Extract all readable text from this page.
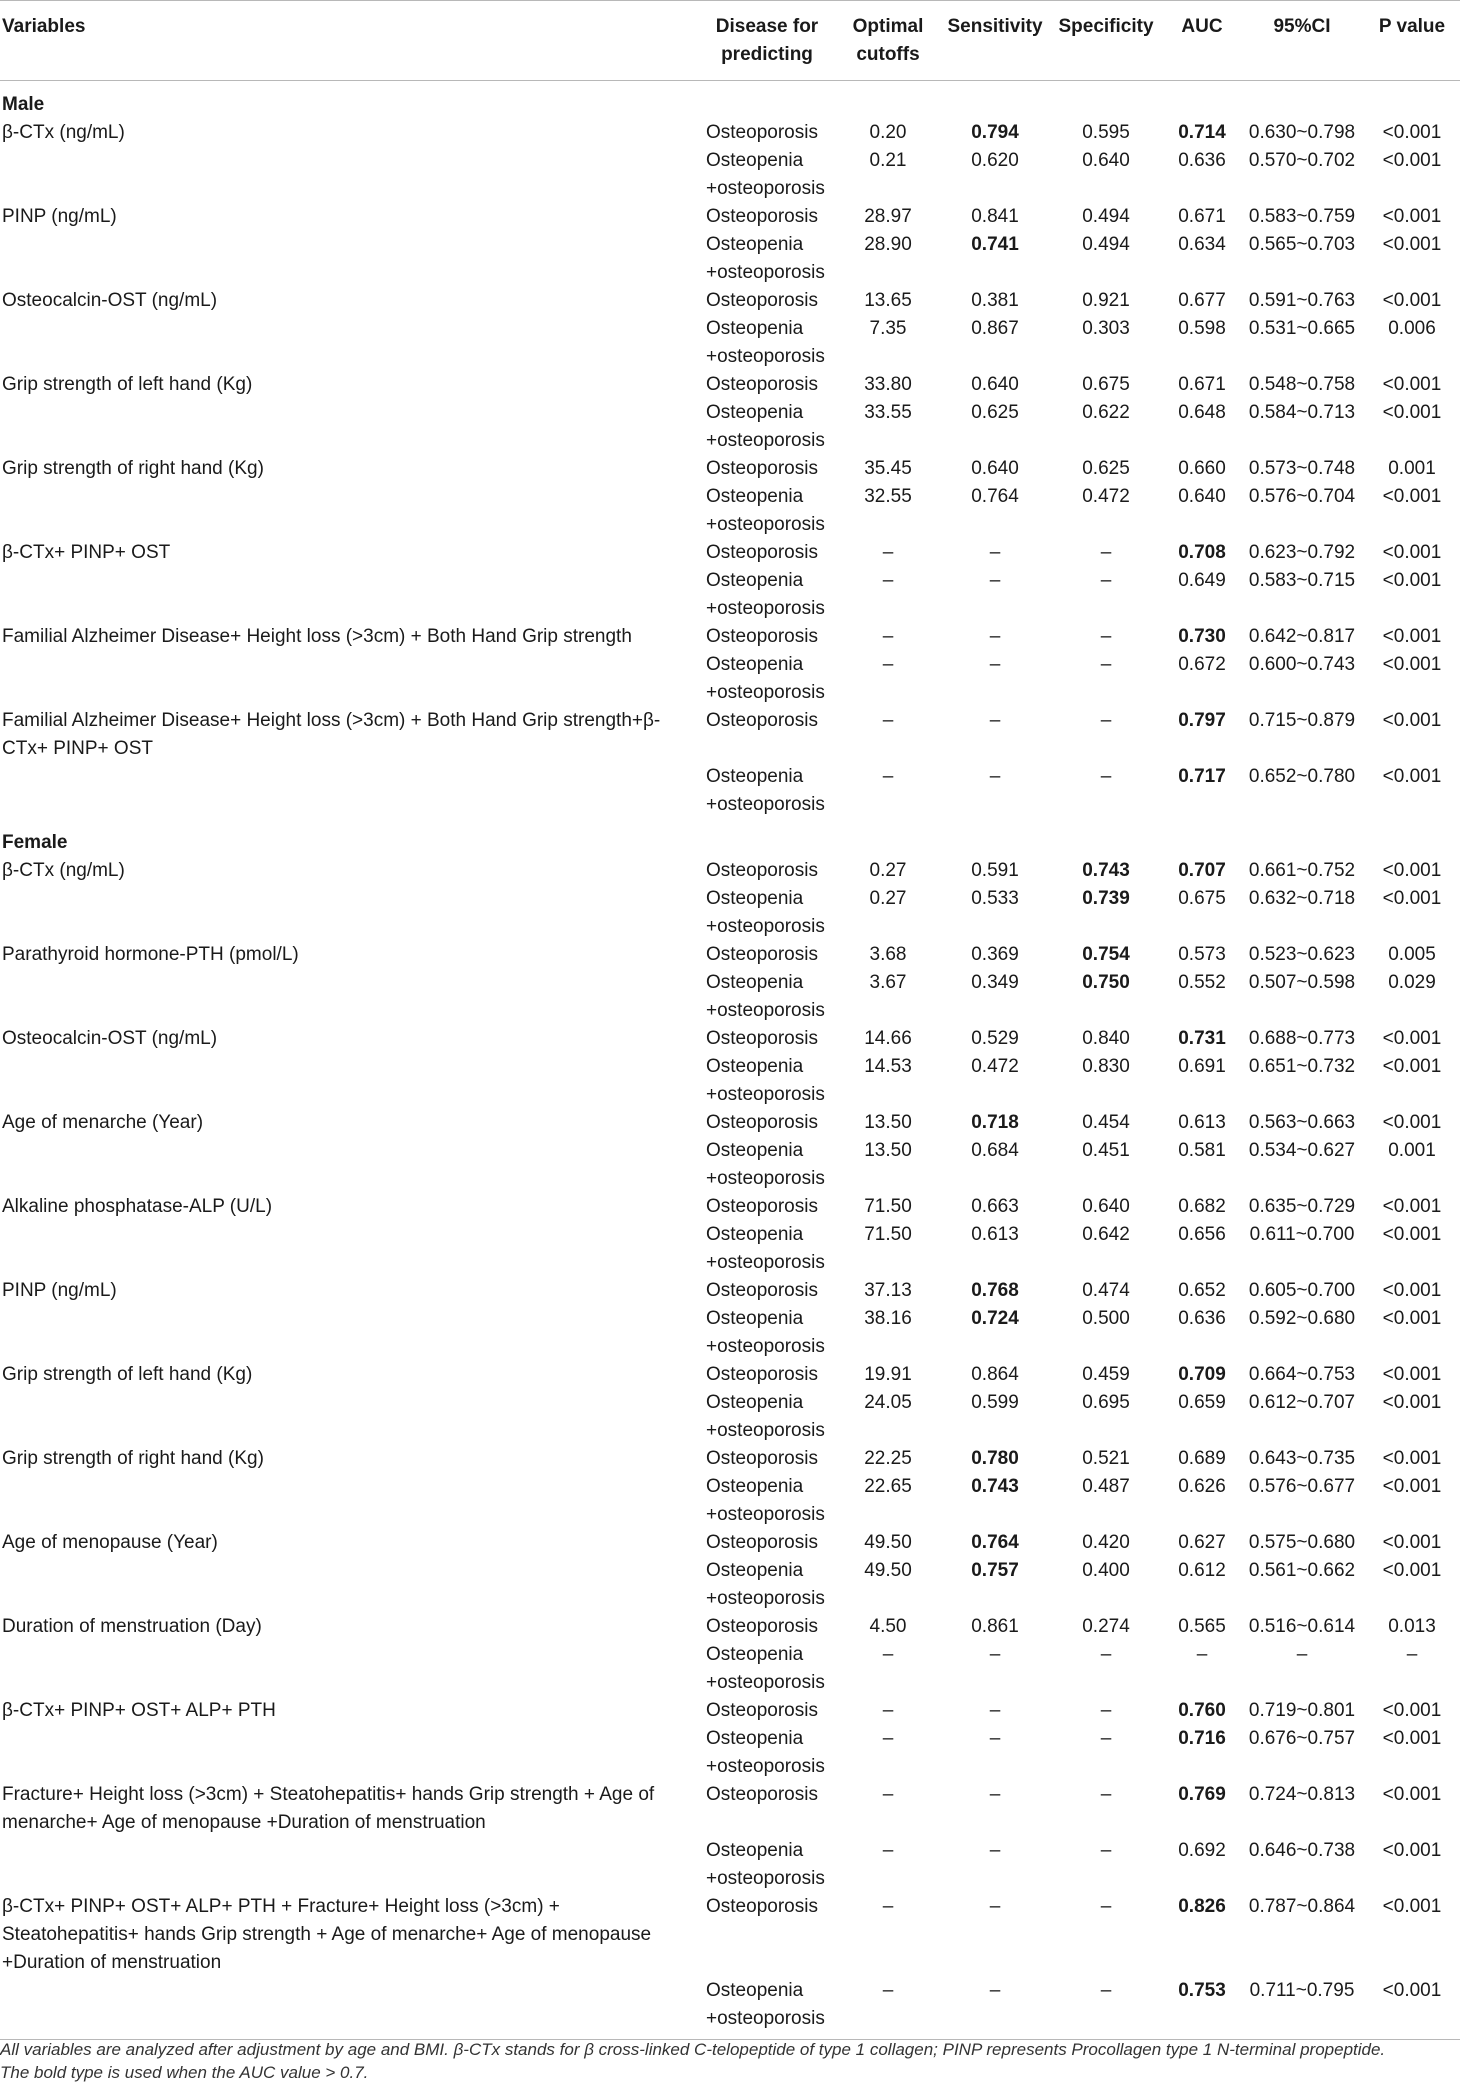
Variables	Disease for predicting	Optimal cutoffs	Sensitivity	Specificity	AUC	95%CI	P value
Male							
β-CTx (ng/mL)	Osteoporosis	0.20	0.794	0.595	0.714	0.630~0.798	<0.001
	Osteopenia +osteoporosis	0.21	0.620	0.640	0.636	0.570~0.702	<0.001
PINP (ng/mL)	Osteoporosis	28.97	0.841	0.494	0.671	0.583~0.759	<0.001
	Osteopenia +osteoporosis	28.90	0.741	0.494	0.634	0.565~0.703	<0.001
Osteocalcin-OST (ng/mL)	Osteoporosis	13.65	0.381	0.921	0.677	0.591~0.763	<0.001
	Osteopenia +osteoporosis	7.35	0.867	0.303	0.598	0.531~0.665	0.006
Grip strength of left hand (Kg)	Osteoporosis	33.80	0.640	0.675	0.671	0.548~0.758	<0.001
	Osteopenia +osteoporosis	33.55	0.625	0.622	0.648	0.584~0.713	<0.001
Grip strength of right hand (Kg)	Osteoporosis	35.45	0.640	0.625	0.660	0.573~0.748	0.001
	Osteopenia +osteoporosis	32.55	0.764	0.472	0.640	0.576~0.704	<0.001
β-CTx+ PINP+ OST	Osteoporosis	–	–	–	0.708	0.623~0.792	<0.001
	Osteopenia +osteoporosis	–	–	–	0.649	0.583~0.715	<0.001
Familial Alzheimer Disease+ Height loss (>3cm) + Both Hand Grip strength	Osteoporosis	–	–	–	0.730	0.642~0.817	<0.001
	Osteopenia +osteoporosis	–	–	–	0.672	0.600~0.743	<0.001
Familial Alzheimer Disease+ Height loss (>3cm) + Both Hand Grip strength+β-CTx+ PINP+ OST	Osteoporosis	–	–	–	0.797	0.715~0.879	<0.001
	Osteopenia +osteoporosis	–	–	–	0.717	0.652~0.780	<0.001
Female							
β-CTx (ng/mL)	Osteoporosis	0.27	0.591	0.743	0.707	0.661~0.752	<0.001
	Osteopenia +osteoporosis	0.27	0.533	0.739	0.675	0.632~0.718	<0.001
Parathyroid hormone-PTH (pmol/L)	Osteoporosis	3.68	0.369	0.754	0.573	0.523~0.623	0.005
	Osteopenia +osteoporosis	3.67	0.349	0.750	0.552	0.507~0.598	0.029
Osteocalcin-OST (ng/mL)	Osteoporosis	14.66	0.529	0.840	0.731	0.688~0.773	<0.001
	Osteopenia +osteoporosis	14.53	0.472	0.830	0.691	0.651~0.732	<0.001
Age of menarche (Year)	Osteoporosis	13.50	0.718	0.454	0.613	0.563~0.663	<0.001
	Osteopenia +osteoporosis	13.50	0.684	0.451	0.581	0.534~0.627	0.001
Alkaline phosphatase-ALP (U/L)	Osteoporosis	71.50	0.663	0.640	0.682	0.635~0.729	<0.001
	Osteopenia +osteoporosis	71.50	0.613	0.642	0.656	0.611~0.700	<0.001
PINP (ng/mL)	Osteoporosis	37.13	0.768	0.474	0.652	0.605~0.700	<0.001
	Osteopenia +osteoporosis	38.16	0.724	0.500	0.636	0.592~0.680	<0.001
Grip strength of left hand (Kg)	Osteoporosis	19.91	0.864	0.459	0.709	0.664~0.753	<0.001
	Osteopenia +osteoporosis	24.05	0.599	0.695	0.659	0.612~0.707	<0.001
Grip strength of right hand (Kg)	Osteoporosis	22.25	0.780	0.521	0.689	0.643~0.735	<0.001
	Osteopenia +osteoporosis	22.65	0.743	0.487	0.626	0.576~0.677	<0.001
Age of menopause (Year)	Osteoporosis	49.50	0.764	0.420	0.627	0.575~0.680	<0.001
	Osteopenia +osteoporosis	49.50	0.757	0.400	0.612	0.561~0.662	<0.001
Duration of menstruation (Day)	Osteoporosis	4.50	0.861	0.274	0.565	0.516~0.614	0.013
	Osteopenia +osteoporosis	–	–	–	–	–	–
β-CTx+ PINP+ OST+ ALP+ PTH	Osteoporosis	–	–	–	0.760	0.719~0.801	<0.001
	Osteopenia +osteoporosis	–	–	–	0.716	0.676~0.757	<0.001
Fracture+ Height loss (>3cm) + Steatohepatitis+ hands Grip strength + Age of menarche+ Age of menopause +Duration of menstruation	Osteoporosis	–	–	–	0.769	0.724~0.813	<0.001
	Osteopenia +osteoporosis	–	–	–	0.692	0.646~0.738	<0.001
β-CTx+ PINP+ OST+ ALP+ PTH + Fracture+ Height loss (>3cm) + Steatohepatitis+ hands Grip strength + Age of menarche+ Age of menopause +Duration of menstruation	Osteoporosis	–	–	–	0.826	0.787~0.864	<0.001
	Osteopenia +osteoporosis	–	–	–	0.753	0.711~0.795	<0.001
All variables are analyzed after adjustment by age and BMI. β-CTx stands for β cross-linked C-telopeptide of type 1 collagen; PINP represents Procollagen type 1 N-terminal propeptide.
The bold type is used when the AUC value > 0.7.
